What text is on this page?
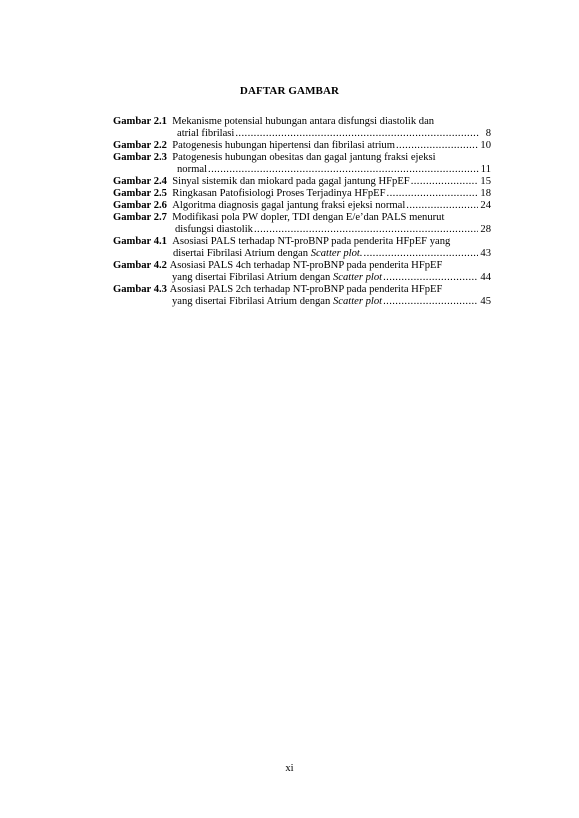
DAFTAR GAMBAR
Gambar 2.1
Mekanisme potensial hubungan antara disfungsi diastolik dan
atrial fibrilasi .....	8
Gambar 2.2
Patogenesis hubungan hipertensi dan fibrilasi atrium .....	10
Gambar 2.3
Patogenesis hubungan obesitas dan gagal jantung fraksi ejeksi
normal .....	11
Gambar 2.4
Sinyal sistemik dan miokard pada gagal jantung HFpEF .....	15
Gambar 2.5
Ringkasan Patofisiologi Proses Terjadinya HFpEF .....	18
Gambar 2.6
Algoritma diagnosis gagal jantung fraksi ejeksi normal .....	24
Gambar 2.7
Modifikasi pola PW dopler, TDI dengan E/e’dan PALS menurut
disfungsi diastolik .....	28
Gambar 4.1
Asosiasi PALS terhadap NT-proBNP pada penderita HFpEF yang
disertai Fibrilasi Atrium dengan Scatter plot. .....	43
Gambar 4.2
Asosiasi PALS 4ch terhadap NT-proBNP pada penderita HFpEF
yang disertai Fibrilasi Atrium dengan Scatter plot .....	44
Gambar 4.3
Asosiasi PALS 2ch terhadap NT-proBNP pada penderita HFpEF
yang disertai Fibrilasi Atrium dengan Scatter plot .....	45
xi
